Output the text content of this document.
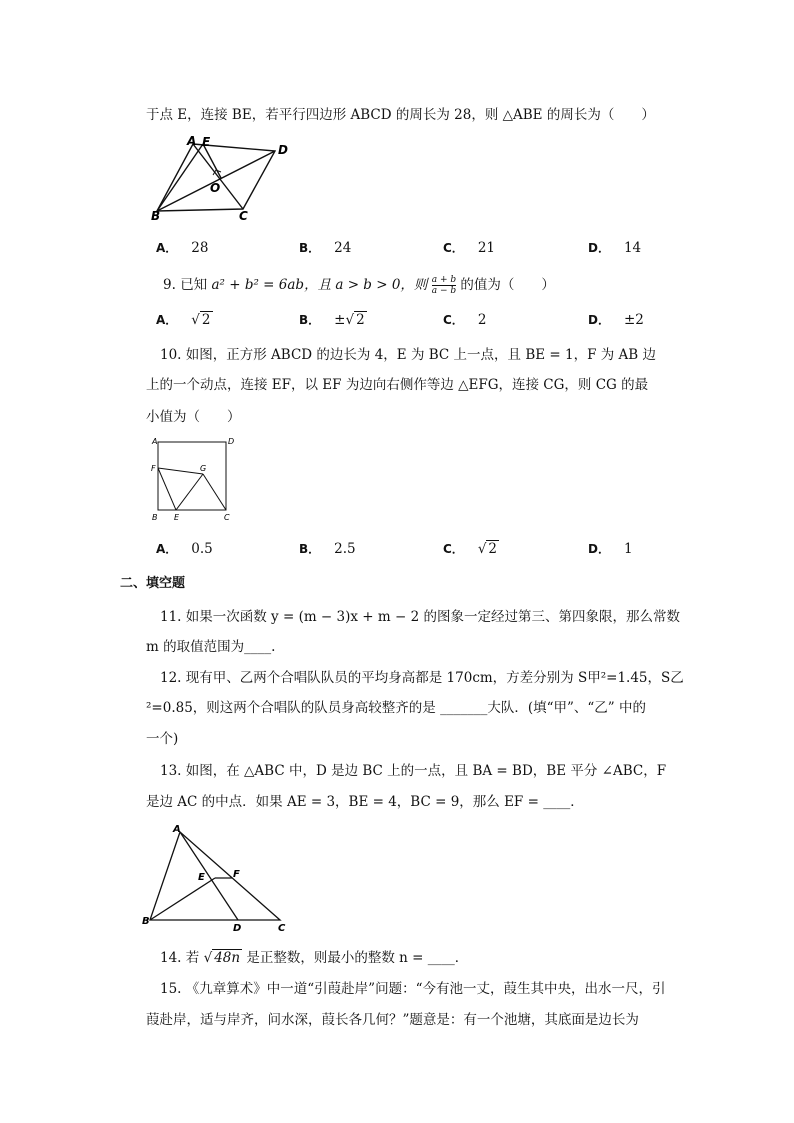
于点 E，连接 BE，若平行四边形 ABCD 的周长为 28，则 △ABE 的周长为（　　）
A E
D
O
B	C
A． 28	B． 24	C． 21	D． 14
9. 已知 a² + b² = 6ab，且 a > b > 0，则 $\frac{a + b}{a - b}$ 的值为（　　）
A． √ 2	B． ±√ 2	C． 2	D． ±2
10. 如图，正方形 ABCD 的边长为 4，E 为 BC 上一点，且 BE = 1，F 为 AB 边
上的一个动点，连接 EF，以 EF 为边向右侧作等边 △EFG，连接 CG，则 CG 的最
小值为（　　）
A	D
F	G
B E	C
A． 0.5	B． 2.5	C． √ 2	D． 1
二、填空题
11. 如果一次函数 y = (m − 3)x + m − 2 的图象一定经过第三、第四象限，那么常数
m 的取值范围为____.
12. 现有甲、乙两个合唱队队员的平均身高都是 170cm，方差分别为 S甲²=1.45，S乙
²=0.85，则这两个合唱队的队员身高较整齐的是 _______大队．(填“甲”、“乙” 中的
一个)
13. 如图，在 △ABC 中，D 是边 BC 上的一点，且 BA = BD，BE 平分 ∠ABC，F
是边 AC 的中点．如果 AE = 3，BE = 4，BC = 9，那么 EF = ____．
A
E	F
B
D	C
14. 若 √ 48n 是正整数，则最小的整数 n = ____．
15. 《九章算术》中一道“引葭赴岸”问题：“今有池一丈，葭生其中央，出水一尺，引
葭赴岸，适与岸齐，问水深，葭长各几何？”题意是：有一个池塘，其底面是边长为
